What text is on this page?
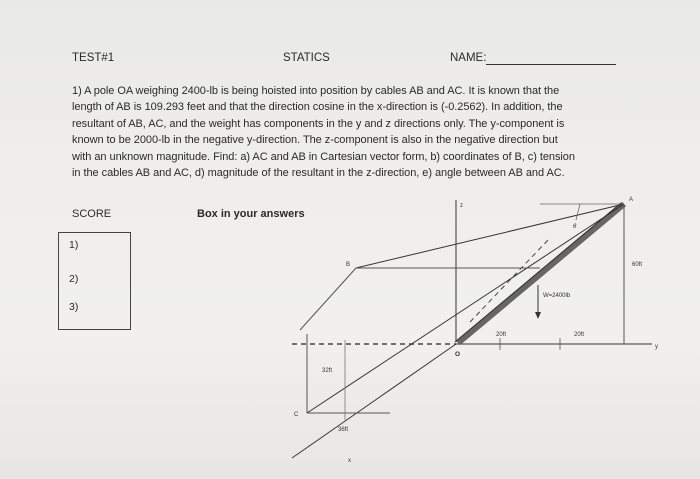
TEST#1	STATICS	NAME:
1) A pole OA weighing 2400-lb is being hoisted into position by cables AB and AC. It is known that the
length of AB is 109.293 feet and that the direction cosine in the x-direction is (-0.2562). In addition, the
resultant of AB, AC, and the weight has components in the y and z directions only. The y-component is
known to be 2000-lb in the negative y-direction. The z-component is also in the negative direction but
with an unknown magnitude. Find: a) AC and AB in Cartesian vector form, b) coordinates of B, c) tension
in the cables AB and AC, d) magnitude of the resultant in the z-direction, e) angle between AB and AC.
SCORE	Box in your answers
1)
2)
3)
z
y
x
A
B
C
O
θ
W=2400lb
60ft
20ft	20ft
32ft
36ft
